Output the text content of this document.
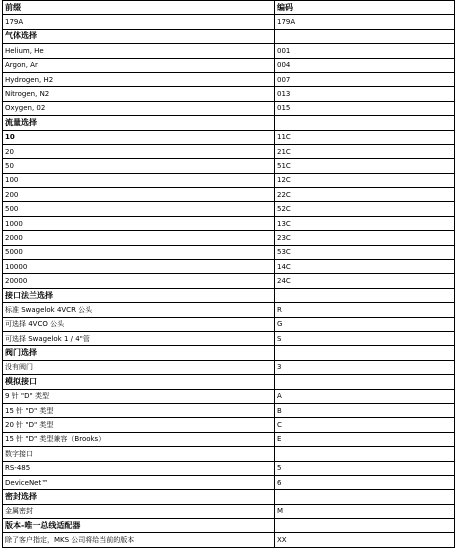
前缀	编码
179A	179A
气体选择	
Helium, He	001
Argon, Ar	004
Hydrogen, H2	007
Nitrogen, N2	013
Oxygen, 02	015
流量选择	
10	11C
20	21C
50	51C
100	12C
200	22C
500	52C
1000	13C
2000	23C
5000	53C
10000	14C
20000	24C
接口法兰选择	
标准 Swagelok 4VCR 公头	R
可选择 4VCO 公头	G
可选择 Swagelok 1 / 4"管	S
阀门选择	
没有阀门	3
模拟接口	
9 针 "D" 类型	A
15 针 "D" 类型	B
20 针 "D" 类型	C
15 针 "D" 类型兼容（Brooks）	E
数字接口	
RS-485	5
DeviceNet™	6
密封选择	
金属密封	M
版本-唯一总线适配器	
除了客户指定，MKS 公司将给当前的版本	XX
